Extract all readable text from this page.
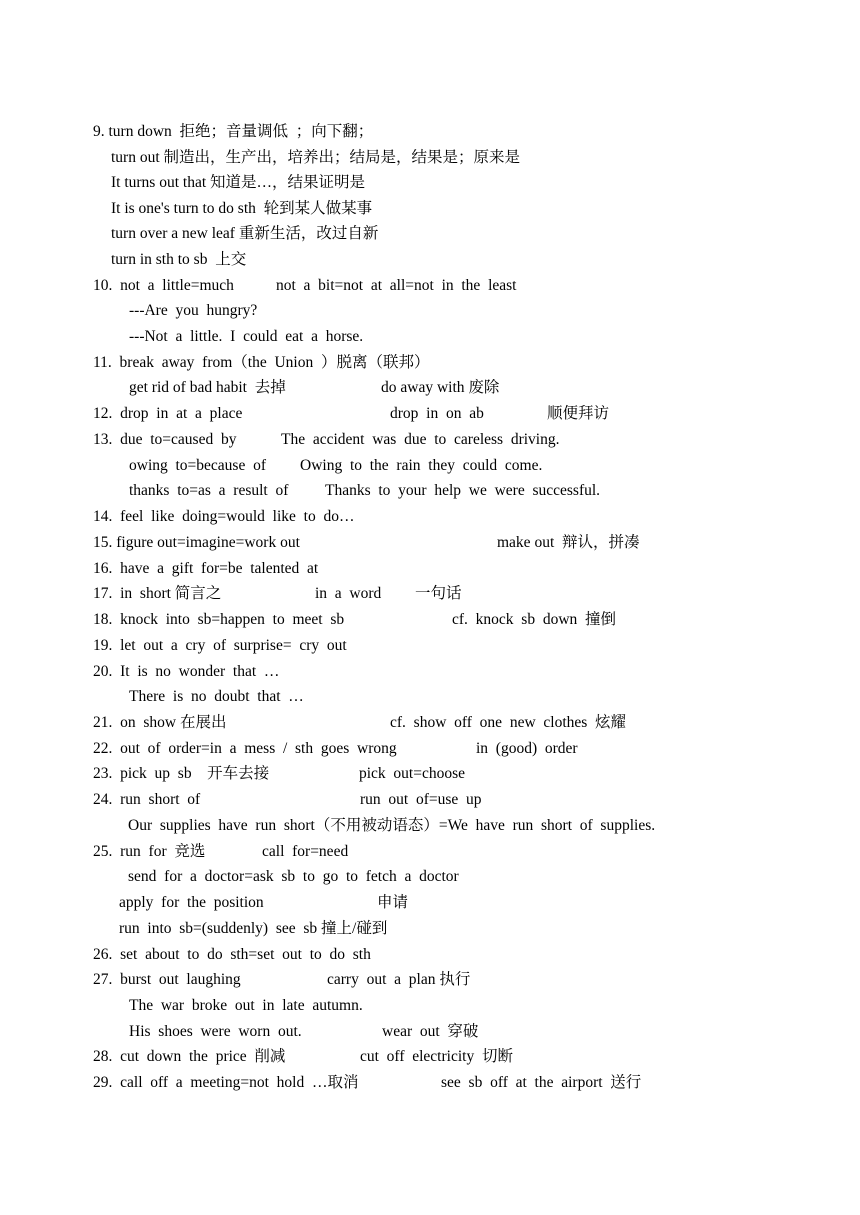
9. turn down  拒绝；音量调低  ；向下翻；

turn out 制造出，生产出，培养出；结局是，结果是；原来是

It turns out that 知道是…，结果证明是

It is one's turn to do sth  轮到某人做某事

turn over a new leaf 重新生活，改过自新

turn in sth to sb  上交

10.  not  a  little=much

	not  a  bit=not  at  all=not  in  the  least

---Are  you  hungry?

---Not  a  little.  I  could  eat  a  horse.

11.  break  away  from（the  Union  ）脱离（联邦）

get rid of bad habit  去掉

	do away with 废除

12.  drop  in  at  a  place

	drop  in  on  ab

	顺便拜访

13.  due  to=caused  by

	The  accident  was  due  to  careless  driving.

owing  to=because  of

Owing  to  the  rain  they  could  come.

thanks  to=as  a  result  of

Thanks  to  your  help  we  were  successful.

14.  feel  like  doing=would  like  to  do…

15. figure out=imagine=work out

	make out  辩认，拼凑

16.  have  a  gift  for=be  talented  at

17.  in  short 简言之

	in  a  word

一句话

18.  knock  into  sb=happen  to  meet  sb

	cf.  knock  sb  down  撞倒

19.  let  out  a  cry  of  surprise=  cry  out

20.  It  is  no  wonder  that  …

There  is  no  doubt  that  …

21.  on  show 在展出

	cf.  show  off  one  new  clothes  炫耀

22.  out  of  order=in  a  mess  /  sth  goes  wrong

	in  (good)  order

23.  pick  up  sb    开车去接

	pick  out=choose

24.  run  short  of

	run  out  of=use  up

Our  supplies  have  run  short（不用被动语态）=We  have  run  short  of  supplies.

25.  run  for  竞选

	call  for=need

send  for  a  doctor=ask  sb  to  go  to  fetch  a  doctor

apply  for  the  position

	申请

run  into  sb=(suddenly)  see  sb 撞上/碰到

26.  set  about  to  do  sth=set  out  to  do  sth

27.  burst  out  laughing

	carry  out  a  plan 执行

The  war  broke  out  in  late  autumn.

His  shoes  were  worn  out.

	wear  out  穿破

28.  cut  down  the  price  削减

	cut  off  electricity  切断

29.  call  off  a  meeting=not  hold  …取消

	see  sb  off  at  the  airport  送行
